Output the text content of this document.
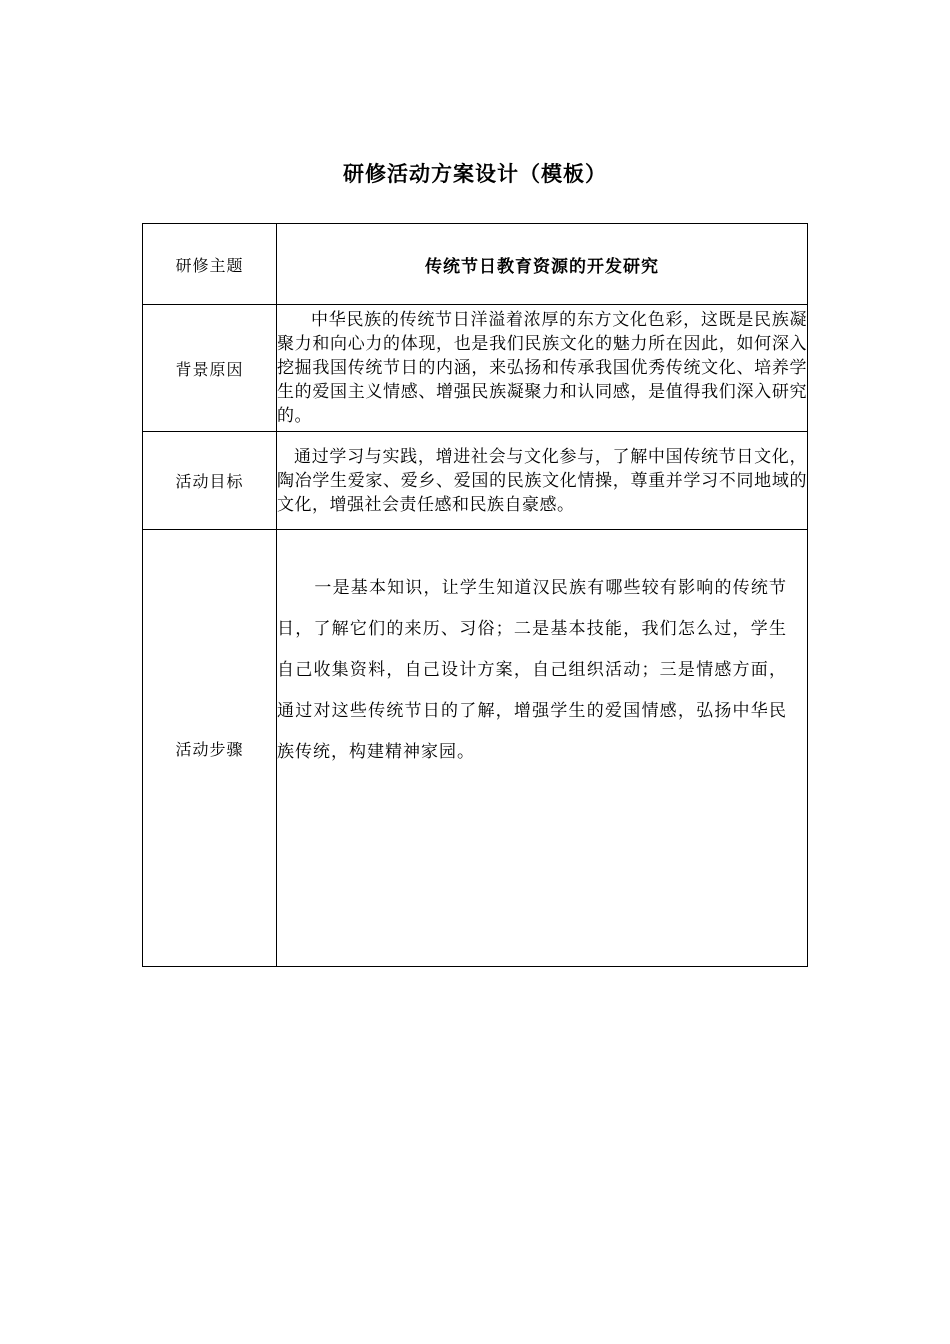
研修活动方案设计（模板）
研修主题	传统节日教育资源的开发研究

背景原因	中华民族的传统节日洋溢着浓厚的东方文化色彩，这既是民族凝聚力和向心力的体现，也是我们民族文化的魅力所在因此，如何深入挖掘我国传统节日的内涵，来弘扬和传承我国优秀传统文化、培养学生的爱国主义情感、增强民族凝聚力和认同感，是值得我们深入研究的。

活动目标	通过学习与实践，增进社会与文化参与，了解中国传统节日文化，陶冶学生爱家、爱乡、爱国的民族文化情操，尊重并学习不同地域的文化，增强社会责任感和民族自豪感。

活动步骤	一是基本知识，让学生知道汉民族有哪些较有影响的传统节日，了解它们的来历、习俗；二是基本技能，我们怎么过，学生自己收集资料，自己设计方案，自己组织活动；三是情感方面，通过对这些传统节日的了解，增强学生的爱国情感，弘扬中华民族传统，构建精神家园。
